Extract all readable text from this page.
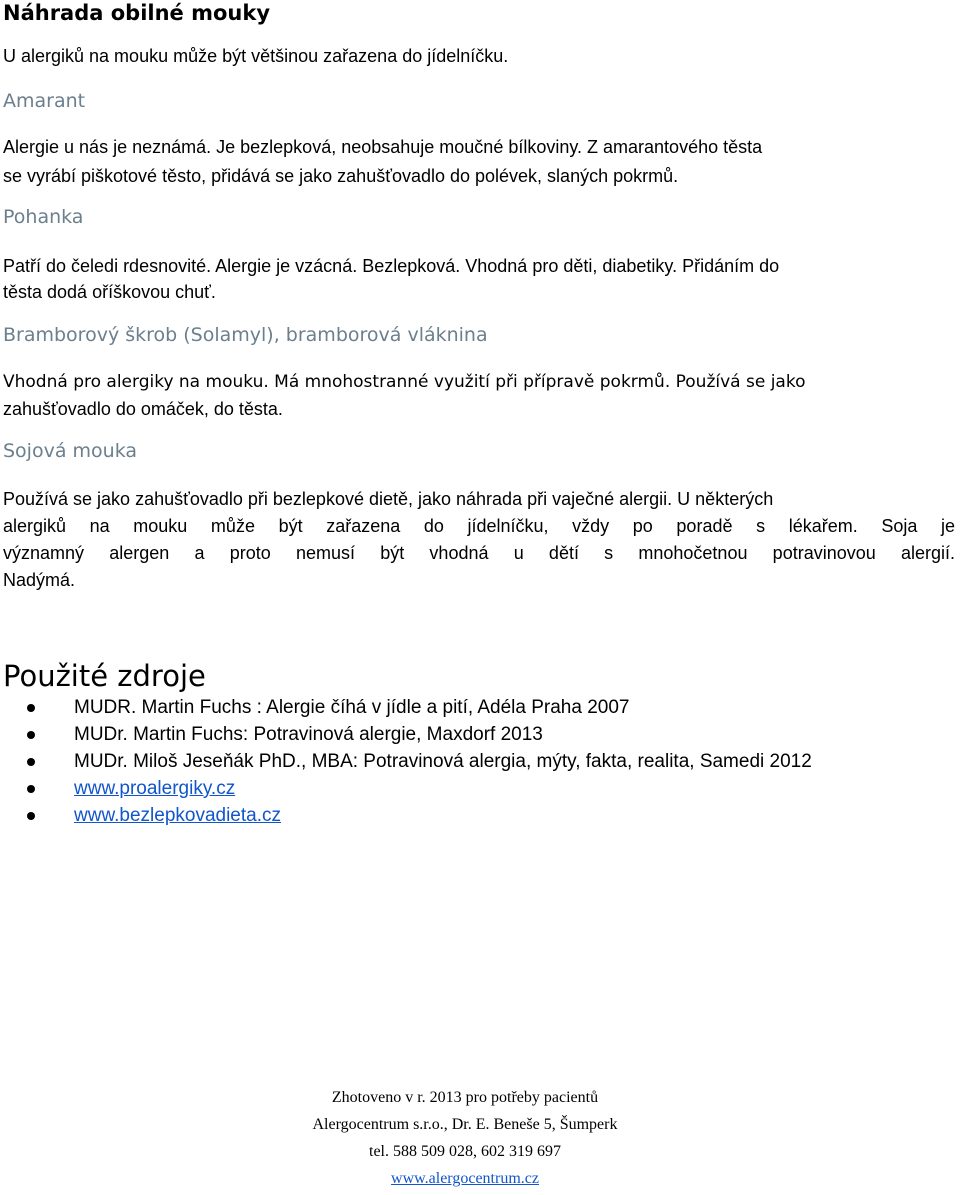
Náhrada obilné mouky
U alergiků na mouku může být většinou zařazena do jídelníčku.
Amarant
Alergie u nás je neznámá. Je bezlepková, neobsahuje moučné bílkoviny. Z amarantového těsta
se vyrábí piškotové těsto, přidává se jako zahušťovadlo do polévek, slaných pokrmů.
Pohanka
Patří do čeledi rdesnovité. Alergie je vzácná. Bezlepková. Vhodná pro děti, diabetiky. Přidáním do
těsta dodá oříškovou chuť.
Bramborový škrob (Solamyl), bramborová vláknina
Vhodná pro alergiky na mouku. Má mnohostranné využití při přípravě pokrmů. Používá se jako
zahušťovadlo do omáček, do těsta.
Sojová mouka
Používá se jako zahušťovadlo při bezlepkové dietě, jako náhrada při vaječné alergii. U některých
alergiků na mouku může být zařazena do jídelníčku, vždy po poradě s lékařem. Soja je
významný alergen a proto nemusí být vhodná u dětí s mnohočetnou potravinovou alergií.
Nadýmá.
Použité zdroje
MUDR. Martin Fuchs : Alergie číhá v jídle a pití, Adéla Praha 2007
MUDr. Martin Fuchs: Potravinová alergie, Maxdorf 2013
MUDr. Miloš Jeseňák PhD., MBA: Potravinová alergia, mýty, fakta, realita, Samedi 2012
www.proalergiky.cz
www.bezlepkovadieta.cz
Zhotoveno v r. 2013 pro potřeby pacientů
Alergocentrum s.r.o., Dr. E. Beneše 5, Šumperk
tel. 588 509 028, 602 319 697
www.alergocentrum.cz
